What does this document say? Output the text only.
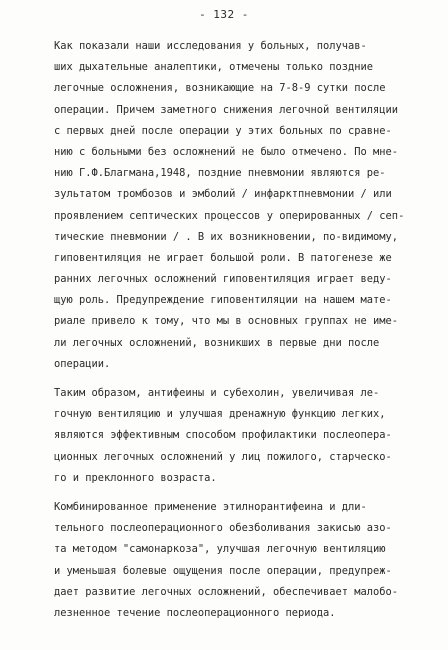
- 132 -
Как показали наши исследования у больных, получав-
ших дыхательные аналептики, отмечены только поздние
легочные осложнения, возникающие на 7-8-9 сутки после
операции. Причем заметного снижения легочной вентиляции
с первых дней после операции у этих больных по сравне-
нию с больными без осложнений не было отмечено. По мне-
нию Г.Ф.Благмана,1948, поздние пневмонии являются ре-
зультатом тромбозов и эмболий / инфарктпневмонии / или
проявлением септических процессов у оперированных / сеп-
тические пневмонии / . В их возникновении, по-видимому,
гиповентиляция не играет большой роли. В патогенезе же
ранних легочных осложнений гиповентиляция играет веду-
щую роль. Предупреждение гиповентиляции на нашем мате-
риале привело к тому, что мы в основных группах не име-
ли легочных осложнений, возникших в первые дни после
операции.
Таким образом, антифеины и субехолин, увеличивая ле-
гочную вентиляцию и улучшая дренажную функцию легких,
являются эффективным способом профилактики послеопера-
ционных легочных осложнений у лиц пожилого, старческо-
го и преклонного возраста.
Комбинированное применение этилнорантифеина и дли-
тельного послеоперационного обезболивания закисью азо-
та методом "самонаркоза", улучшая легочную вентиляцию
и уменьшая болевые ощущения после операции, предупреж-
дает развитие легочных осложнений, обеспечивает малобо-
лезненное течение послеоперационного периода.
